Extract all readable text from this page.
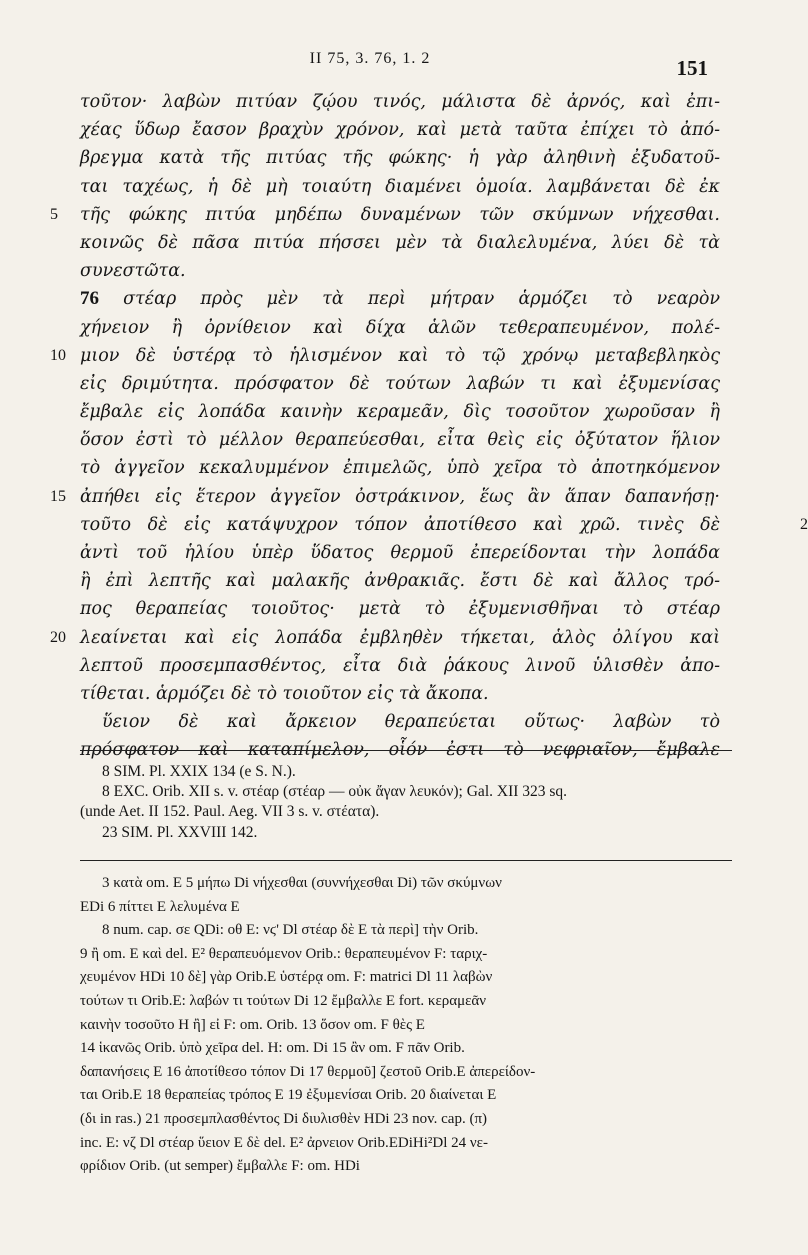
II 75, 3. 76, 1. 2	151
τοῦτον· λαβὼν πιτύαν ζῴου τινός, μάλιστα δὲ ἀρνός, καὶ ἐπι-
χέας ὕδωρ ἔασον βραχὺν χρόνον, καὶ μετὰ ταῦτα ἐπίχει τὸ ἀπό-
βρεγμα κατὰ τῆς πιτύας τῆς φώκης· ἡ γὰρ ἀληθινὴ ἐξυδατοῦ-
ται ταχέως, ἡ δὲ μὴ τοιαύτη διαμένει ὁμοία. λαμβάνεται δὲ ἐκ
5 τῆς φώκης πιτύα μηδέπω δυναμένων τῶν σκύμνων νήχεσθαι.
κοινῶς δὲ πᾶσα πιτύα πήσσει μὲν τὰ διαλελυμένα, λύει δὲ τὰ
συνεστῶτα.
76 στέαρ πρὸς μὲν τὰ περὶ μήτραν ἁρμόζει τὸ νεαρὸν
χήνειον ἢ ὀρνίθειον καὶ δίχα ἁλῶν τεθεραπευμένον, πολέ-
10 μιον δὲ ὑστέρᾳ τὸ ἡλισμένον καὶ τὸ τῷ χρόνῳ μεταβεβληκὸς
εἰς δριμύτητα. πρόσφατον δὲ τούτων λαβών τι καὶ ἐξυμενίσας
ἔμβαλε εἰς λοπάδα καινὴν κεραμεᾶν, δὶς τοσοῦτον χωροῦσαν ἢ
ὅσον ἐστὶ τὸ μέλλον θεραπεύεσθαι, εἶτα θεὶς εἰς ὀξύτατον ἥλιον
τὸ ἀγγεῖον κεκαλυμμένον ἐπιμελῶς, ὑπὸ χεῖρα τὸ ἀποτηκόμενον
15 ἀπήθει εἰς ἕτερον ἀγγεῖον ὀστράκινον, ἕως ἂν ἅπαν δαπανήσῃ·
τοῦτο δὲ εἰς κατάψυχρον τόπον ἀποτίθεσο καὶ χρῶ. τινὲς δὲ	2
ἀντὶ τοῦ ἡλίου ὑπὲρ ὕδατος θερμοῦ ἐπερείδονται τὴν λοπάδα
ἢ ἐπὶ λεπτῆς καὶ μαλακῆς ἀνθρακιᾶς. ἔστι δὲ καὶ ἄλλος τρό-
πος θεραπείας τοιοῦτος· μετὰ τὸ ἐξυμενισθῆναι τὸ στέαρ
20 λεαίνεται καὶ εἰς λοπάδα ἐμβληθὲν τήκεται, ἁλὸς ὀλίγου καὶ
λεπτοῦ προσεμπασθέντος, εἶτα διὰ ῥάκους λινοῦ ὑλισθὲν ἀπο-
τίθεται. ἁρμόζει δὲ τὸ τοιοῦτον εἰς τὰ ἄκοπα.
ὕειον δὲ καὶ ἄρκειον θεραπεύεται οὕτως· λαβὼν τὸ
πρόσφατον καὶ καταπίμελον, οἷόν ἐστι τὸ νεφριαῖον, ἔμβαλε
8 SIM. Pl. XXIX 134 (e S. N.).
8 EXC. Orib. XII s. v. στέαρ (στέαρ — οὐκ ἄγαν λευκόν); Gal. XII 323 sq.
(unde Aet. II 152. Paul. Aeg. VII 3 s. v. στέατα).
23 SIM. Pl. XXVIII 142.
3 κατὰ om. E 5 μήπω Di νήχεσθαι (συννήχεσθαι Di) τῶν σκύμνων
EDi 6 πίττει E λελυμένα E
8 num. cap. σε QDi: οθ E: νϛ' Dl στέαρ δὲ E τὰ περὶ] τὴν Orib.
9 ἢ om. E καὶ del. E² θεραπευόμενον Orib.: θεραπευμένον F: ταριχ-
χευμένον HDi 10 δὲ] γὰρ Orib.E ὑστέρᾳ om. F: matrici Dl 11 λαβὼν
τούτων τι Orib.E: λαβών τι τούτων Di 12 ἔμβαλλε E fort. κεραμεᾶν
καινὴν τοσοῦτο H ἢ] εἰ F: om. Orib. 13 ὅσον om. F θὲς E
14 ἱκανῶς Orib. ὑπὸ χεῖρα del. H: om. Di 15 ἂν om. F πᾶν Orib.
δαπανήσεις E 16 ἀποτίθεσο τόπον Di 17 θερμοῦ] ζεστοῦ Orib.E ἀπερείδον-
ται Orib.E 18 θεραπείας τρόπος E 19 ἐξυμενίσαι Orib. 20 διαίνεται E
(δι in ras.) 21 προσεμπλασθέντος Di διυλισθὲν HDi 23 nov. cap. (π)
inc. E: νζ Dl στέαρ ὕειον E δὲ del. E² ἀρνειον Orib.EDiHi²Dl 24 νε-
φρίδιον Orib. (ut semper) ἔμβαλλε F: om. HDi
